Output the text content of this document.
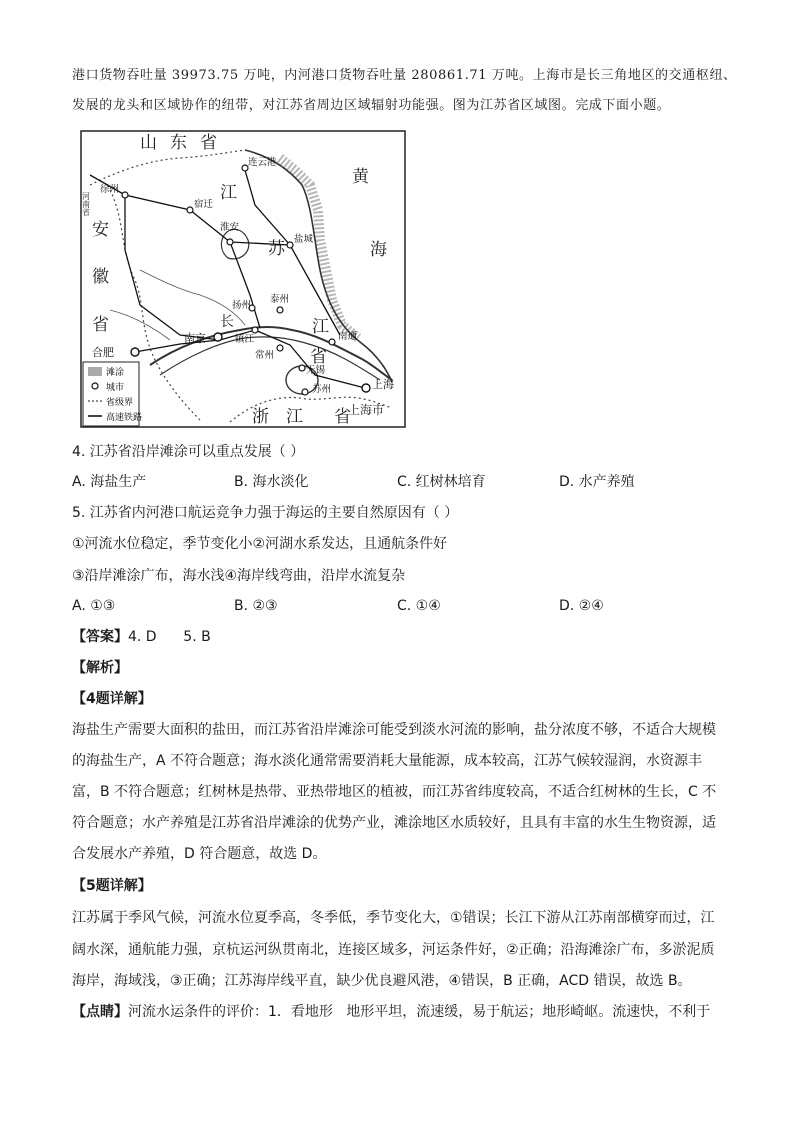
港口货物吞吐量 39973.75 万吨，内河港口货物吞吐量 280861.71 万吨。上海市是长三角地区的交通枢纽、
发展的龙头和区域协作的纽带，对江苏省周边区域辐射功能强。图为江苏省区域图。完成下面小题。
山 东 省
安
徽
省
江
苏
江
省
黄
海
浙 江 省
长
河南省
上海市
连云港
徐州
宿迁
淮安
盐城
扬州
泰州
南京	镇江
常州
南通
无锡
苏州	上海
合肥
滩涂
城市
省级界
高速铁路
4. 江苏省沿岸滩涂可以重点发展（ ）
A. 海盐生产	B. 海水淡化	C. 红树林培育	D. 水产养殖
5. 江苏省内河港口航运竞争力强于海运的主要自然原因有（ ）
①河流水位稳定，季节变化小②河湖水系发达，且通航条件好
③沿岸滩涂广布，海水浅④海岸线弯曲，沿岸水流复杂
A. ①③	B. ②③	C. ①④	D. ②④
【答案】4. D      5. B
【解析】
【4题详解】
海盐生产需要大面积的盐田，而江苏省沿岸滩涂可能受到淡水河流的影响，盐分浓度不够，不适合大规模
的海盐生产，A 不符合题意；海水淡化通常需要消耗大量能源，成本较高，江苏气候较湿润，水资源丰
富，B 不符合题意；红树林是热带、亚热带地区的植被，而江苏省纬度较高，不适合红树林的生长，C 不
符合题意；水产养殖是江苏省沿岸滩涂的优势产业，滩涂地区水质较好，且具有丰富的水生生物资源，适
合发展水产养殖，D 符合题意，故选 D。
【5题详解】
江苏属于季风气候，河流水位夏季高，冬季低，季节变化大，①错误；长江下游从江苏南部横穿而过，江
阔水深，通航能力强，京杭运河纵贯南北，连接区域多，河运条件好，②正确；沿海滩涂广布，多淤泥质
海岸，海域浅，③正确；江苏海岸线平直，缺少优良避风港，④错误，B 正确，ACD 错误，故选 B。
【点睛】河流水运条件的评价：1．看地形   地形平坦，流速缓，易于航运；地形崎岖。流速快，不利于
